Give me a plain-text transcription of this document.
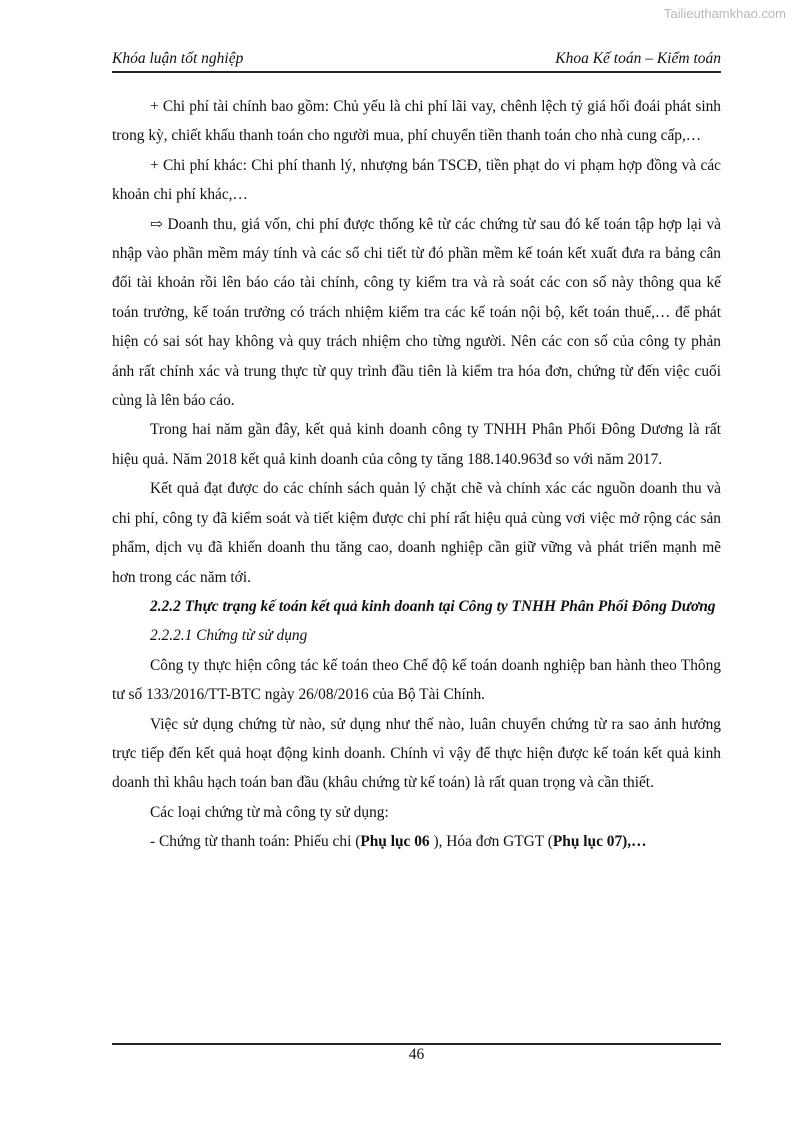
Tailieuthamkhao.com
Khóa luận tốt nghiệp	Khoa Kế toán – Kiểm toán

+ Chi phí tài chính bao gồm: Chủ yếu là chi phí lãi vay, chênh lệch tỷ giá hối đoái phát sinh trong kỳ, chiết khấu thanh toán cho người mua, phí chuyển tiền thanh toán cho nhà cung cấp,…

+ Chi phí khác: Chi phí thanh lý, nhượng bán TSCĐ, tiền phạt do vi phạm hợp đồng và các khoản chi phí khác,…

⇨ Doanh thu, giá vốn, chi phí được thống kê từ các chứng từ sau đó kế toán tập hợp lại và nhập vào phần mềm máy tính và các sổ chi tiết từ đó phần mềm kế toán kết xuất đưa ra bảng cân đối tài khoản rồi lên báo cáo tài chính, công ty kiểm tra và rà soát các con số này thông qua kế toán trưởng, kế toán trưởng có trách nhiệm kiểm tra các kế toán nội bộ, kết toán thuế,… để phát hiện có sai sót hay không và quy trách nhiệm cho từng người. Nên các con số của công ty phản ánh rất chính xác và trung thực từ quy trình đầu tiên là kiểm tra hóa đơn, chứng từ đến việc cuối cùng là lên báo cáo.

Trong hai năm gần đây, kết quả kinh doanh công ty TNHH Phân Phối Đông Dương là rất hiệu quả. Năm 2018 kết quả kinh doanh của công ty tăng 188.140.963đ so với năm 2017.

Kết quả đạt được do các chính sách quản lý chặt chẽ và chính xác các nguồn doanh thu và chi phí, công ty đã kiểm soát và tiết kiệm được chi phí rất hiệu quả cùng vơi việc mở rộng các sản phẩm, dịch vụ đã khiến doanh thu tăng cao, doanh nghiệp cần giữ vững và phát triển mạnh mẽ hơn trong các năm tới.

2.2.2 Thực trạng kế toán kết quả kinh doanh tại Công ty TNHH Phân Phối Đông Dương

2.2.2.1 Chứng từ sử dụng

Công ty thực hiện công tác kế toán theo Chế độ kế toán doanh nghiệp ban hành theo Thông tư số 133/2016/TT-BTC ngày 26/08/2016 của Bộ Tài Chính.

Việc sử dụng chứng từ nào, sử dụng như thế nào, luân chuyển chứng từ ra sao ảnh hưởng trực tiếp đến kết quả hoạt động kinh doanh. Chính vì vậy để thực hiện được kế toán kết quả kinh doanh thì khâu hạch toán ban đầu (khâu chứng từ kế toán) là rất quan trọng và cần thiết.

Các loại chứng từ mà công ty sử dụng:

- Chứng từ thanh toán: Phiếu chi (Phụ lục 06 ), Hóa đơn GTGT (Phụ lục 07),…

46
